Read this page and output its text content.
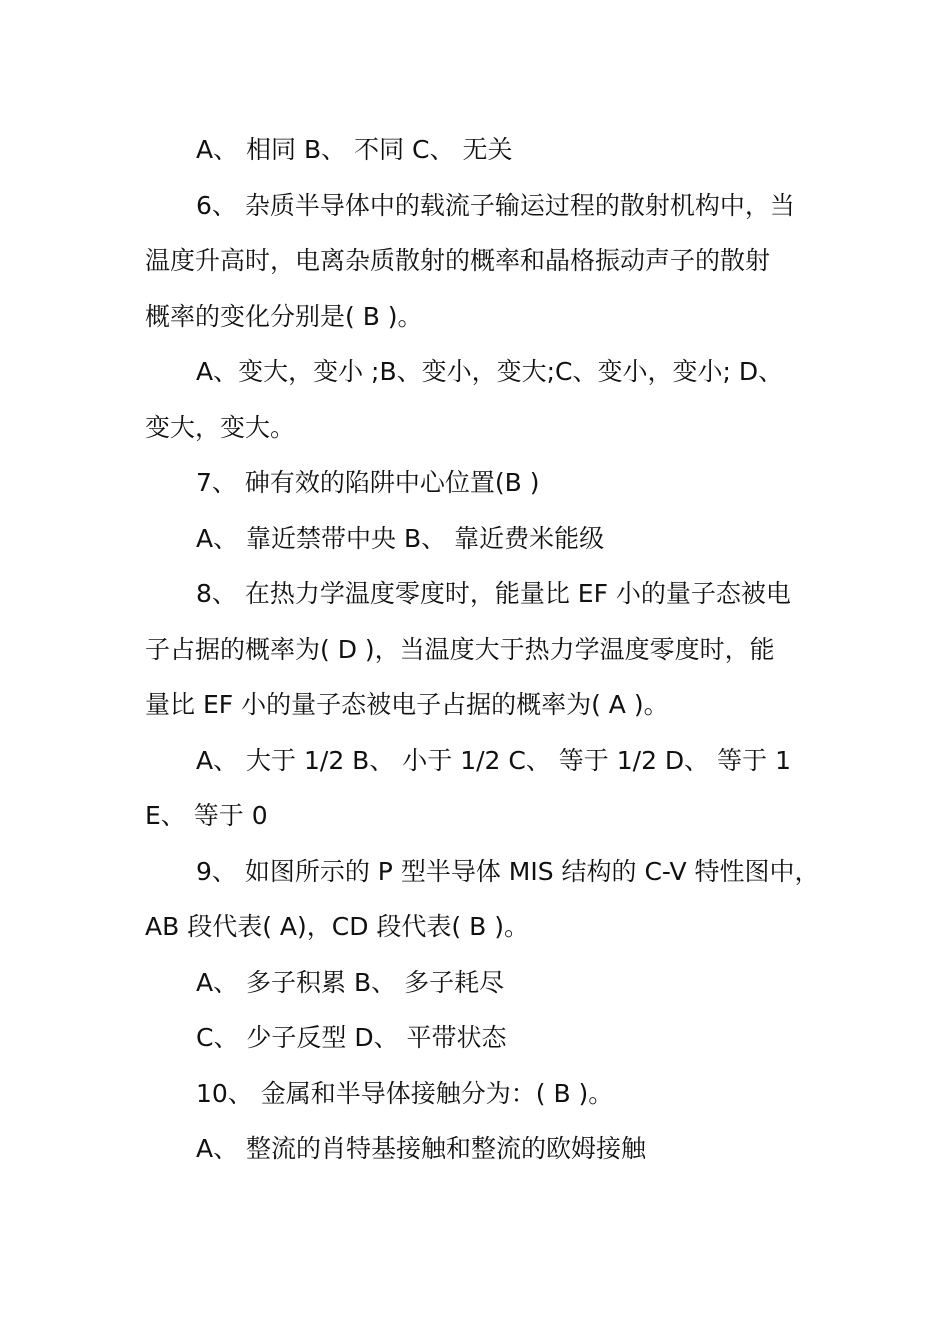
A、 相同 B、 不同 C、 无关
6、 杂质半导体中的载流子输运过程的散射机构中，当
温度升高时，电离杂质散射的概率和晶格振动声子的散射
概率的变化分别是( B )。
A、变大，变小 ;B、变小，变大;C、变小，变小; D、
变大，变大。
7、 砷有效的陷阱中心位置(B )
A、 靠近禁带中央 B、 靠近费米能级
8、 在热力学温度零度时，能量比 EF 小的量子态被电
子占据的概率为( D )，当温度大于热力学温度零度时，能
量比 EF 小的量子态被电子占据的概率为( A )。
A、 大于 1/2 B、 小于 1/2 C、 等于 1/2 D、 等于 1
E、 等于 0
9、 如图所示的 P 型半导体 MIS 结构的 C-V 特性图中，
AB 段代表( A)，CD 段代表( B )。
A、 多子积累 B、 多子耗尽
C、 少子反型 D、 平带状态
10、 金属和半导体接触分为：( B )。
A、 整流的肖特基接触和整流的欧姆接触
